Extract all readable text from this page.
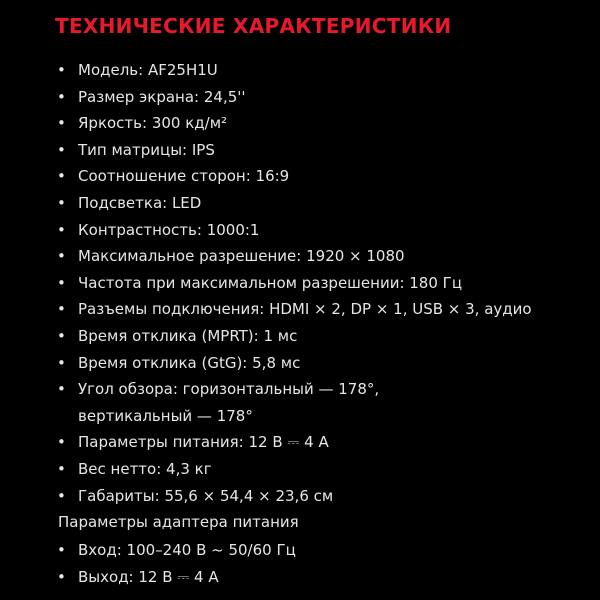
ТЕХНИЧЕСКИЕ ХАРАКТЕРИСТИКИ
• Модель: AF25H1U
• Размер экрана: 24,5''
• Яркость: 300 кд/м²
• Тип матрицы: IPS
• Соотношение сторон: 16:9
• Подсветка: LED
• Контрастность: 1000:1
• Максимальное разрешение: 1920 × 1080
• Частота при максимальном разрешении: 180 Гц
• Разъемы подключения: HDMI × 2, DP × 1, USB × 3, аудио
• Время отклика (MPRT): 1 мс
• Время отклика (GtG): 5,8 мс
• Угол обзора: горизонтальный — 178°,
вертикальный — 178°
• Параметры питания: 12 В ⎓ 4 А
• Вес нетто: 4,3 кг
• Габариты: 55,6 × 54,4 × 23,6 см

Параметры адаптера питания

• Вход: 100–240 В ~ 50/60 Гц
• Выход: 12 В ⎓ 4 А
